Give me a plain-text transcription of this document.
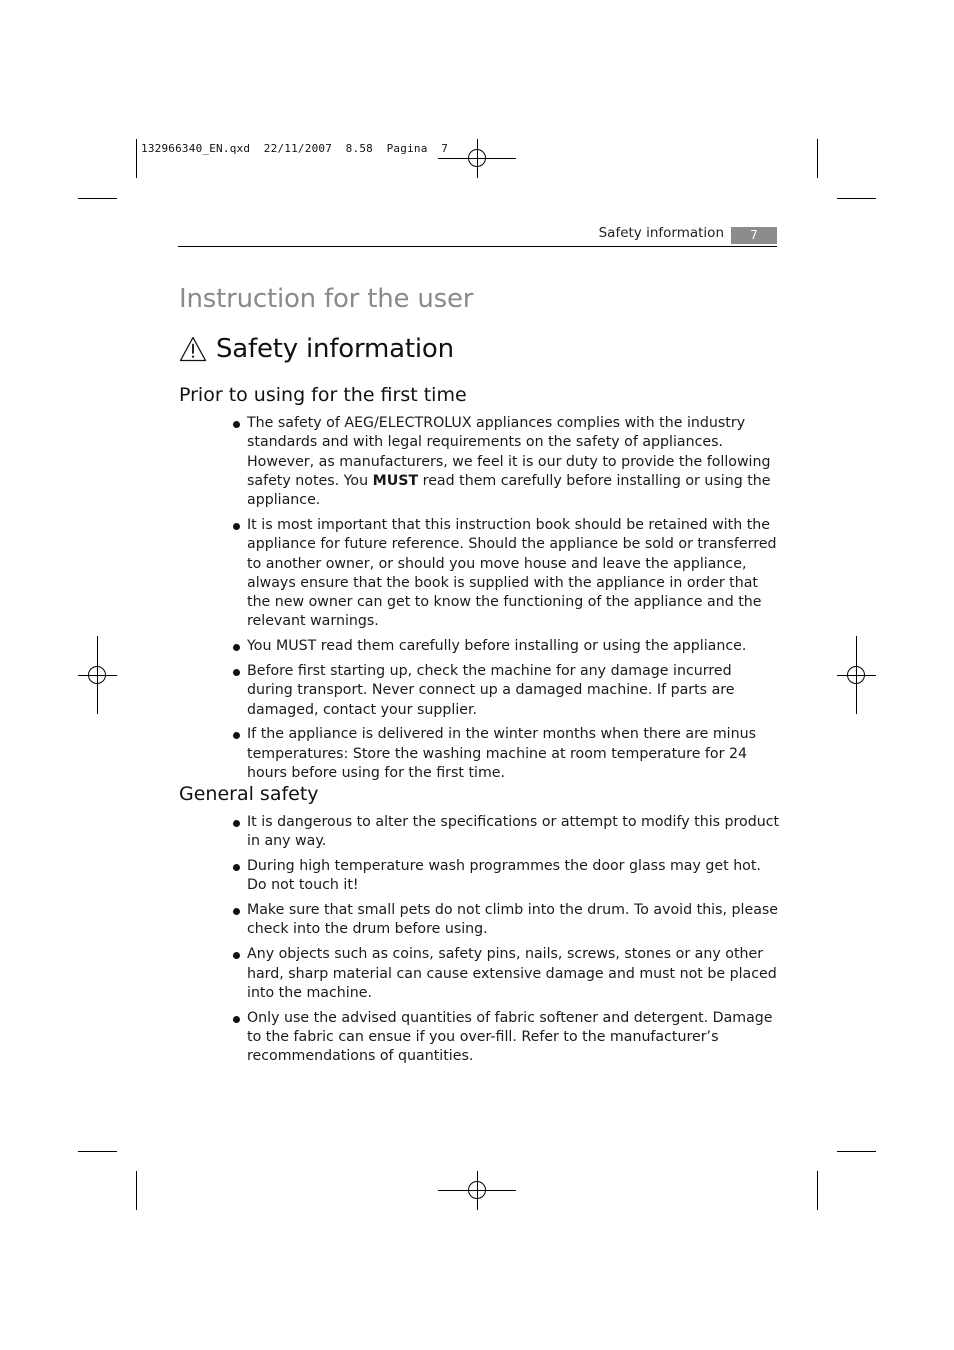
132966340_EN.qxd  22/11/2007  8.58  Pagina  7
Safety information	7
Instruction for the user
Safety information
Prior to using for the first time
The safety of AEG/ELECTROLUX appliances complies with the industry standards and with legal requirements on the safety of appliances. However, as manufacturers, we feel it is our duty to provide the following safety notes. You MUST read them carefully before installing or using the appliance.
It is most important that this instruction book should be retained with the appliance for future reference. Should the appliance be sold or transferred to another owner, or should you move house and leave the appliance, always ensure that the book is supplied with the appliance in order that the new owner can get to know the functioning of the appliance and the relevant warnings.
You MUST read them carefully before installing or using the appliance.
Before first starting up, check the machine for any damage incurred during transport. Never connect up a damaged machine. If parts are damaged, contact your supplier.
If the appliance is delivered in the winter months when there are minus temperatures: Store the washing machine at room temperature for 24 hours before using for the first time.
General safety
It is dangerous to alter the specifications or attempt to modify this product in any way.
During high temperature wash programmes the door glass may get hot. Do not touch it!
Make sure that small pets do not climb into the drum. To avoid this, please check into the drum before using.
Any objects such as coins, safety pins, nails, screws, stones or any other hard, sharp material can cause extensive damage and must not be placed into the machine.
Only use the advised quantities of fabric softener and detergent. Damage to the fabric can ensue if you over-fill. Refer to the manufacturer’s recommendations of quantities.
